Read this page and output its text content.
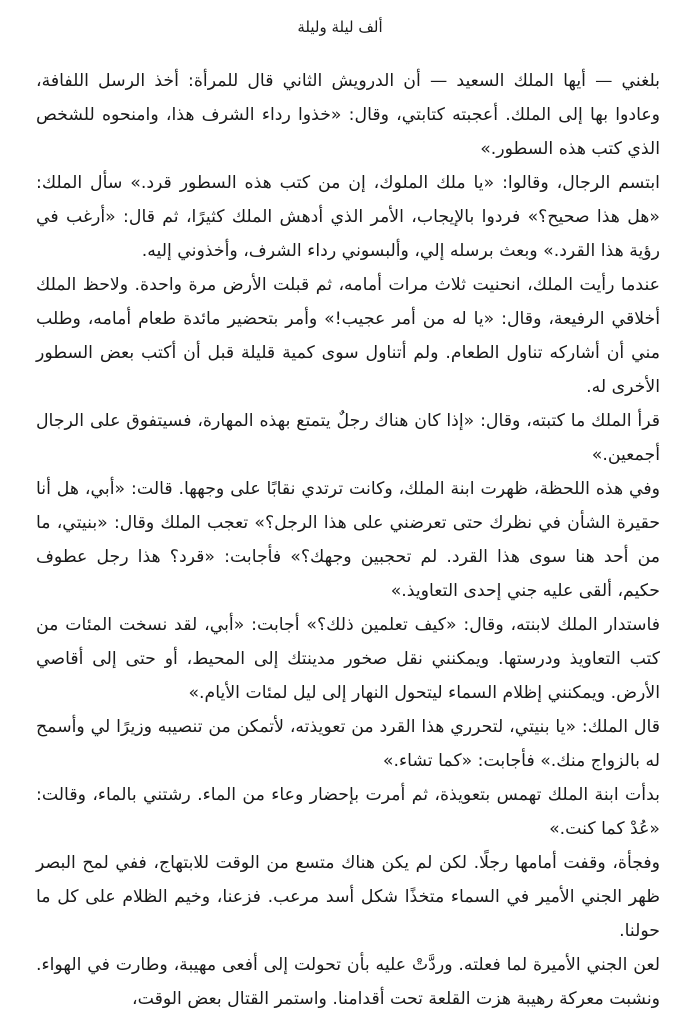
ألف ليلة وليلة

بلغني — أيها الملك السعيد — أن الدرويش الثاني قال للمرأة: أخذ الرسل اللفافة، وعادوا بها إلى الملك. أعجبته كتابتي، وقال: «خذوا رداء الشرف هذا، وامنحوه للشخص الذي كتب هذه السطور.»

ابتسم الرجال، وقالوا: «يا ملك الملوك، إن من كتب هذه السطور قرد.» سأل الملك: «هل هذا صحيح؟» فردوا بالإيجاب، الأمر الذي أدهش الملك كثيرًا، ثم قال: «أرغب في رؤية هذا القرد.» وبعث برسله إلي، وألبسوني رداء الشرف، وأخذوني إليه.

عندما رأيت الملك، انحنيت ثلاث مرات أمامه، ثم قبلت الأرض مرة واحدة. ولاحظ الملك أخلاقي الرفيعة، وقال: «يا له من أمر عجيب!» وأمر بتحضير مائدة طعام أمامه، وطلب مني أن أشاركه تناول الطعام. ولم أتناول سوى كمية قليلة قبل أن أكتب بعض السطور الأخرى له.

قرأ الملك ما كتبته، وقال: «إذا كان هناك رجلٌ يتمتع بهذه المهارة، فسيتفوق على الرجال أجمعين.»

وفي هذه اللحظة، ظهرت ابنة الملك، وكانت ترتدي نقابًا على وجهها. قالت: «أبي، هل أنا حقيرة الشأن في نظرك حتى تعرضني على هذا الرجل؟» تعجب الملك وقال: «بنيتي، ما من أحد هنا سوى هذا القرد. لم تحجبين وجهك؟» فأجابت: «قرد؟ هذا رجل عطوف حكيم، ألقى عليه جني إحدى التعاويذ.»

فاستدار الملك لابنته، وقال: «كيف تعلمين ذلك؟» أجابت: «أبي، لقد نسخت المئات من كتب التعاويذ ودرستها. ويمكنني نقل صخور مدينتك إلى المحيط، أو حتى إلى أقاصي الأرض. ويمكنني إظلام السماء ليتحول النهار إلى ليل لمئات الأيام.»

قال الملك: «يا بنيتي، لتحرري هذا القرد من تعويذته، لأتمكن من تنصيبه وزيرًا لي وأسمح له بالزواج منك.» فأجابت: «كما تشاء.»

بدأت ابنة الملك تهمس بتعويذة، ثم أمرت بإحضار وعاء من الماء. رشتني بالماء، وقالت: «عُدْ كما كنت.»

وفجأة، وقفت أمامها رجلًا. لكن لم يكن هناك متسع من الوقت للابتهاج، ففي لمح البصر ظهر الجني الأمير في السماء متخذًا شكل أسد مرعب. فزعنا، وخيم الظلام على كل ما حولنا.

لعن الجني الأميرة لما فعلته. وردَّتْ عليه بأن تحولت إلى أفعى مهيبة، وطارت في الهواء. ونشبت معركة رهيبة هزت القلعة تحت أقدامنا. واستمر القتال بعض الوقت،
